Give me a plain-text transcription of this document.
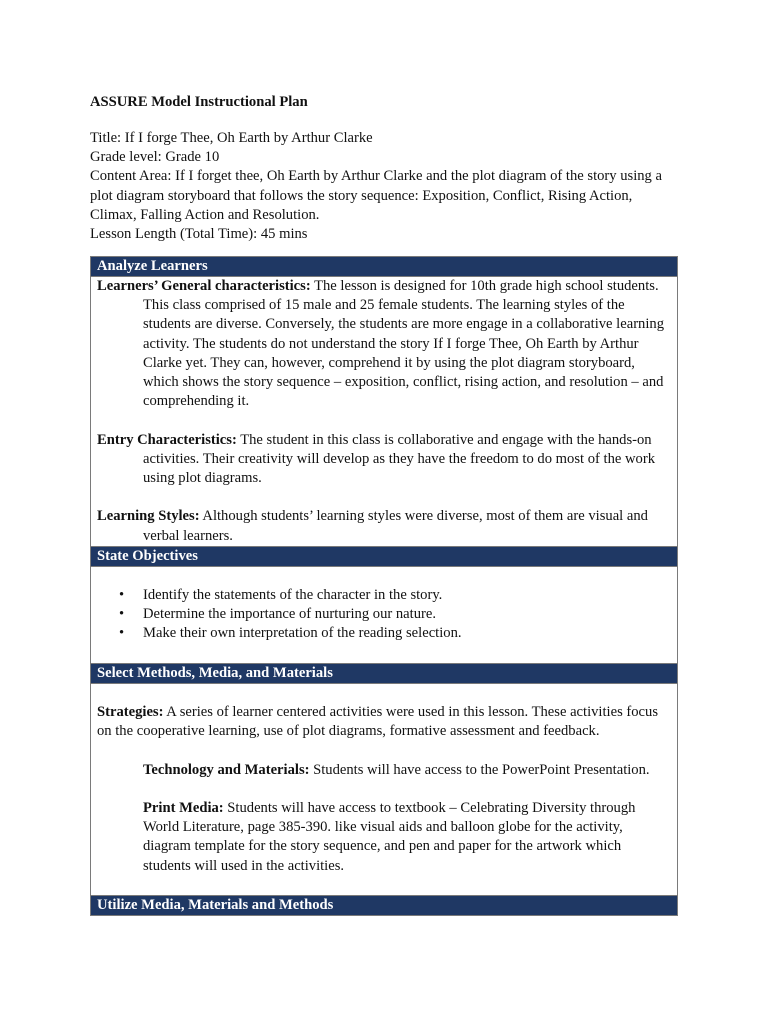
ASSURE Model Instructional Plan

Title: If I forge Thee, Oh Earth by Arthur Clarke

Grade level: Grade 10

Content Area: If I forget thee, Oh Earth by Arthur Clarke and the plot diagram of the story using a plot diagram storyboard that follows the story sequence: Exposition, Conflict, Rising Action, Climax, Falling Action and Resolution.

Lesson Length (Total Time): 45 mins

Analyze Learners

Learners’ General characteristics: The lesson is designed for 10th grade high school students. This class comprised of 15 male and 25 female students. The learning styles of the students are diverse. Conversely, the students are more engage in a collaborative learning activity. The students do not understand the story If I forge Thee, Oh Earth by Arthur Clarke yet. They can, however, comprehend it by using the plot diagram storyboard, which shows the story sequence – exposition, conflict, rising action, and resolution – and comprehending it.

Entry Characteristics: The student in this class is collaborative and engage with the hands-on activities. Their creativity will develop as they have the freedom to do most of the work using plot diagrams.

Learning Styles: Although students’ learning styles were diverse, most of them are visual and verbal learners.

State Objectives
• Identify the statements of the character in the story.
• Determine the importance of nurturing our nature.
• Make their own interpretation of the reading selection.
Select Methods, Media, and Materials

Strategies: A series of learner centered activities were used in this lesson. These activities focus on the cooperative learning, use of plot diagrams, formative assessment and feedback.

Technology and Materials: Students will have access to the PowerPoint Presentation.

Print Media: Students will have access to textbook – Celebrating Diversity through World Literature, page 385-390. like visual aids and balloon globe for the activity, diagram template for the story sequence, and pen and paper for the artwork which students will used in the activities.

Utilize Media, Materials and Methods
